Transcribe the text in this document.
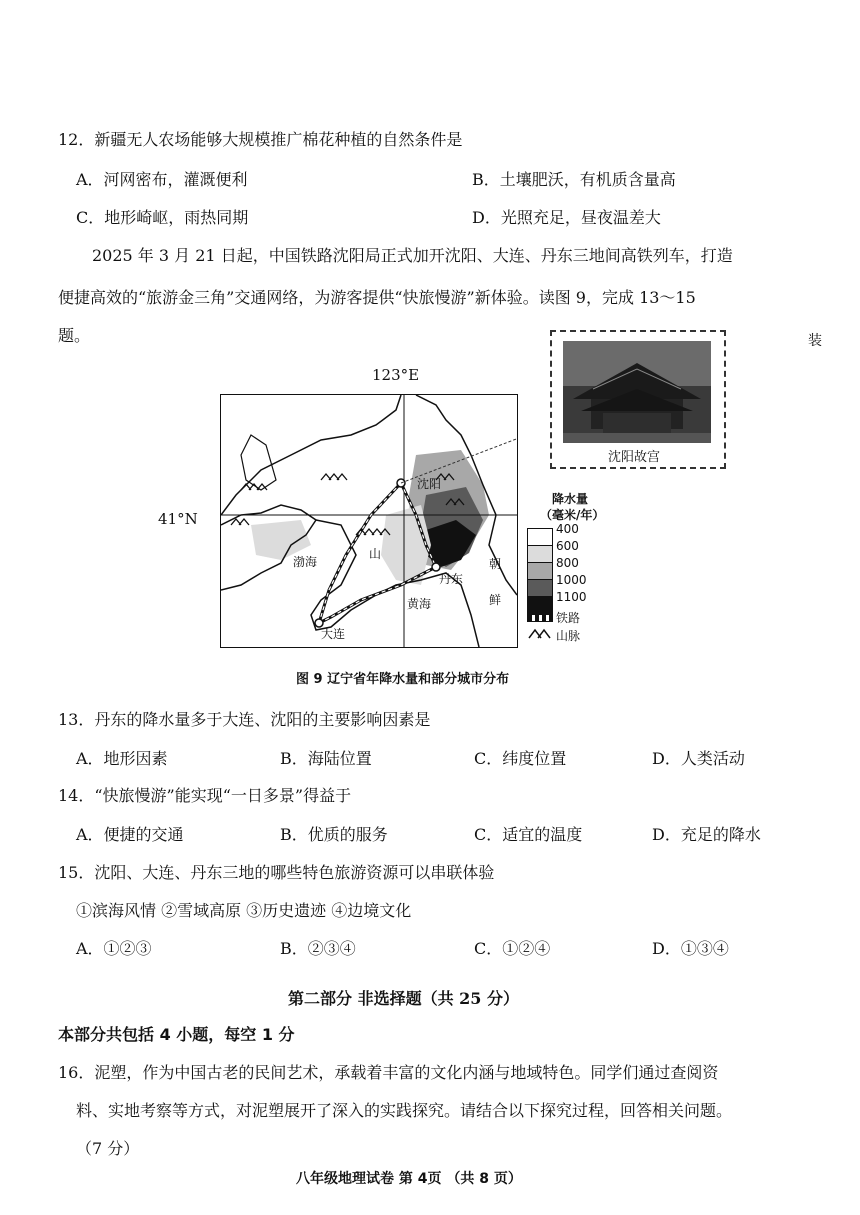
12．新疆无人农场能够大规模推广棉花种植的自然条件是
A．河网密布，灌溉便利	B．土壤肥沃，有机质含量高
C．地形崎岖，雨热同期	D．光照充足，昼夜温差大
2025 年 3 月 21 日起，中国铁路沈阳局正式加开沈阳、大连、丹东三地间高铁列车，打造
便捷高效的“旅游金三角”交通网络，为游客提供“快旅慢游”新体验。读图 9，完成 13～15
题。	装
123°E
41°N
沈阳
大连
丹东
渤海
黄海
朝
鲜
山
沈阳故宫
降水量
（毫米/年）
400
600
800
1000
1100
铁路
山脉
图 9 辽宁省年降水量和部分城市分布
13．丹东的降水量多于大连、沈阳的主要影响因素是
A．地形因素	B．海陆位置	C．纬度位置	D．人类活动
14．“快旅慢游”能实现“一日多景”得益于
A．便捷的交通	B．优质的服务	C．适宜的温度	D．充足的降水
15．沈阳、大连、丹东三地的哪些特色旅游资源可以串联体验
①滨海风情 ②雪域高原 ③历史遗迹 ④边境文化
A．①②③	B．②③④	C．①②④	D．①③④
第二部分 非选择题（共 25 分）
本部分共包括 4 小题，每空 1 分
16．泥塑，作为中国古老的民间艺术，承载着丰富的文化内涵与地域特色。同学们通过查阅资
料、实地考察等方式，对泥塑展开了深入的实践探究。请结合以下探究过程，回答相关问题。
（7 分）
八年级地理试卷 第 4页 （共 8 页）
